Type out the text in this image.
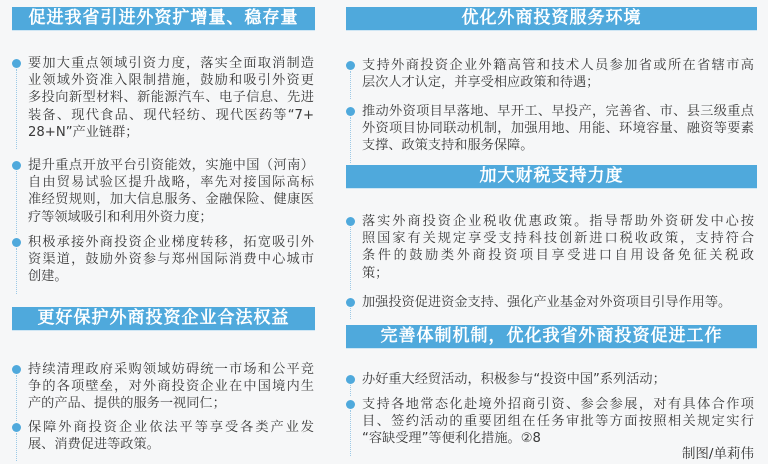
促进我省引进外资扩增量、稳存量
要加大重点领域引资力度，落实全面取消制造
业领域外资准入限制措施，鼓励和吸引外资更
多投向新型材料、新能源汽车、电子信息、先进
装备、现代食品、现代轻纺、现代医药等“7+
28+N”产业链群；
提升重点开放平台引资能效，实施中国（河南）
自由贸易试验区提升战略，率先对接国际高标
准经贸规则，加大信息服务、金融保险、健康医
疗等领域吸引和利用外资力度；
积极承接外商投资企业梯度转移，拓宽吸引外
资渠道，鼓励外资参与郑州国际消费中心城市
创建。
更好保护外商投资企业合法权益
持续清理政府采购领域妨碍统一市场和公平竞
争的各项壁垒，对外商投资企业在中国境内生
产的产品、提供的服务一视同仁；
保障外商投资企业依法平等享受各类产业发
展、消费促进等政策。
优化外商投资服务环境
支持外商投资企业外籍高管和技术人员参加省或所在省辖市高
层次人才认定，并享受相应政策和待遇；
推动外资项目早落地、早开工、早投产，完善省、市、县三级重点
外资项目协同联动机制，加强用地、用能、环境容量、融资等要素
支撑、政策支持和服务保障。
加大财税支持力度
落实外商投资企业税收优惠政策。指导帮助外资研发中心按
照国家有关规定享受支持科技创新进口税收政策，支持符合
条件的鼓励类外商投资项目享受进口自用设备免征关税政
策；
加强投资促进资金支持、强化产业基金对外资项目引导作用等。
完善体制机制，优化我省外商投资促进工作
办好重大经贸活动，积极参与“投资中国”系列活动；
支持各地常态化赴境外招商引资、参会参展，对有具体合作项
目、签约活动的重要团组在任务审批等方面按照相关规定实行
“容缺受理”等便利化措施。②8
制图/单莉伟
